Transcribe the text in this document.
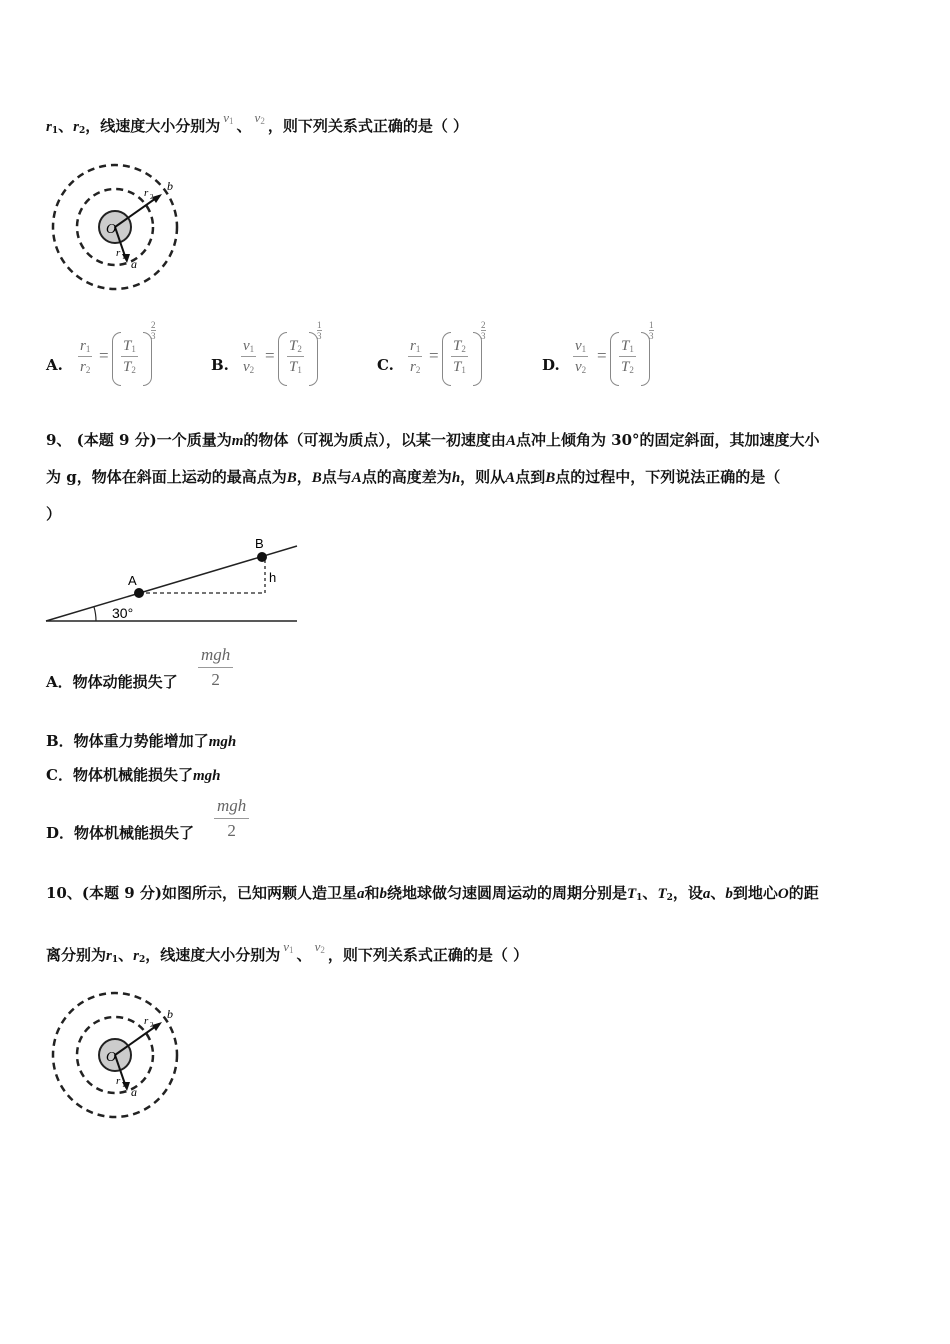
$r_1$、$r_2$，线速度大小分别为 $v_1$ 、 $v_2$ ，则下列关系式正确的是（ ）
O
b
a
r 2
r 1
A. $\frac{r_1}{r_2} = \frac{T_1}{T_2}$
$\frac{2}{3}$
B. $\frac{v_1}{v_2} = \frac{T_2}{T_1}$
$\frac{1}{3}$
C. $\frac{r_1}{r_2} = \frac{T_2}{T_1}$
$\frac{2}{3}$
D. $\frac{v_1}{v_2} = \frac{T_1}{T_2}$
$\frac{1}{3}$
9、 (本题 9 分)一个质量为m的物体（可视为质点），以某一初速度由A点冲上倾角为 30°的固定斜面，其加速度大小
为 g，物体在斜面上运动的最高点为B，B点与A点的高度差为h，则从A点到B点的过程中，下列说法正确的是（
）
A
B
h
30°
A．物体动能损失了
mgh
2
B．物体重力势能增加了mgh
C．物体机械能损失了mgh
D．物体机械能损失了
mgh
2
10、(本题 9 分)如图所示，已知两颗人造卫星a和b绕地球做匀速圆周运动的周期分别是$T_1$、$T_2$，设a、b到地心O的距
离分别为$r_1$、$r_2$，线速度大小分别为 $v_1$ 、 $v_2$ ，则下列关系式正确的是（ ）
O
b
a
r 2
r 1
